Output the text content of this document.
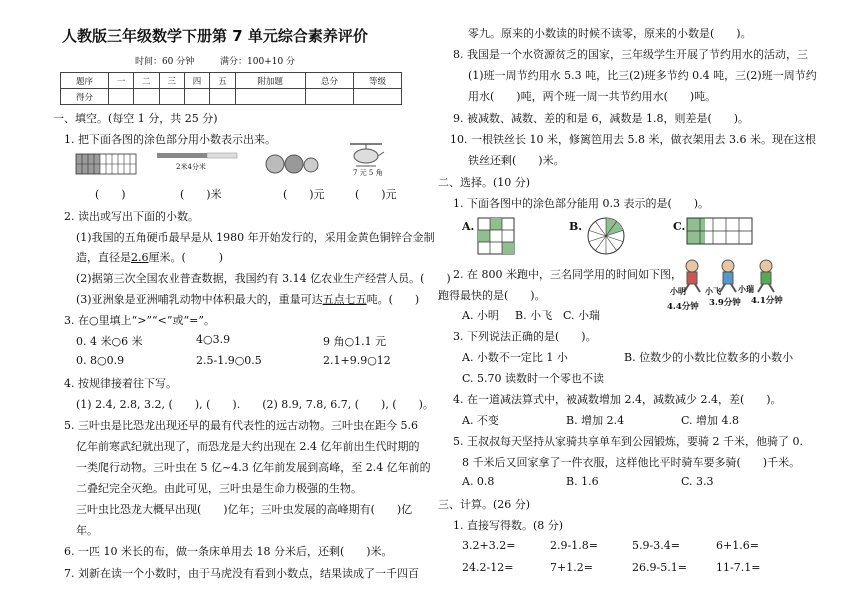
人教版三年级数学下册第 7 单元综合素养评价
时间：60 分钟	满分：100+10 分
题序	一	二	三	四	五	附加题	总分	等级
得分								
一、填空。(每空 1 分，共 25 分)
1. 把下面各图的涂色部分用小数表示出来。
2米4分米
7 元 5 角
(　　)	(　　)米	(　　)元	(　　)元
2. 读出或写出下面的小数。
(1)我国的五角硬币最早是从 1980 年开始发行的，采用金黄色铜锌合金制
造，直径是2.6厘米。(　　　)
(2)据第三次全国农业普查数据，我国约有 3.14 亿农业生产经营人员。(　　)
(3)亚洲象是亚洲哺乳动物中体积最大的，重量可达五点七五吨。(　　)
3. 在○里填上“>”“<”或“=”。
0. 4 米○6 米	4○3.9	9 角○1.1 元
0. 8○0.9	2.5-1.9○0.5	2.1+9.9○12
4. 按规律接着往下写。
(1) 2.4, 2.8, 3.2, (　　), (　　).　　(2) 8.9, 7.8, 6.7, (　　), (　　)。
5. 三叶虫是比恐龙出现还早的最有代表性的远古动物。三叶虫在距今 5.6
亿年前寒武纪就出现了，而恐龙是大约出现在 2.4 亿年前出生代时期的
一类爬行动物。三叶虫在 5 亿~4.3 亿年前发展到高峰，至 2.4 亿年前的
二叠纪完全灭绝。由此可见，三叶虫是生命力极强的生物。
三叶虫比恐龙大概早出现(　　)亿年；三叶虫发展的高峰期有(　　)亿
年。
6. 一匹 10 米长的布，做一条床单用去 18 分米后，还剩(　　)米。
7. 刘新在读一个小数时，由于马虎没有看到小数点，结果读成了一千四百
零九。原来的小数读的时候不读零，原来的小数是(　　)。
8. 我国是一个水资源贫乏的国家，三年级学生开展了节约用水的活动，三
(1)班一周节约用水 5.3 吨，比三(2)班多节约 0.4 吨，三(2)班一周节约
用水(　　)吨，两个班一周一共节约用水(　　)吨。
9. 被减数、减数、差的和是 6，减数是 1.8，则差是(　　)。
10. 一根铁丝长 10 米，修篱笆用去 5.8 米，做衣架用去 3.6 米。现在这根
铁丝还剩(　　)米。
二、选择。(10 分)
1. 下面各图中的涂色部分能用 0.3 表示的是(　　)。
A.	B.	C.
2. 在 800 米跑中，三名同学用的时间如下图，
跑得最快的是(　　)。	小明 小飞 小瑞
4.4分钟 3.9分钟 4.1分钟
A. 小明 B. 小飞 C. 小瑞
3. 下列说法正确的是(　　)。
A. 小数不一定比 1 小	B. 位数少的小数比位数多的小数小
C. 5.70 读数时一个零也不读
4. 在一道减法算式中，被减数增加 2.4，减数减少 2.4，差(　　)。
A. 不变	B. 增加 2.4	C. 增加 4.8
5. 王叔叔每天坚持从家骑共享单车到公园锻炼，要骑 2 千米，他骑了 0.
8 千米后又回家拿了一件衣服，这样他比平时骑车要多骑(　　)千米。
A. 0.8	B. 1.6	C. 3.3
三、计算。(26 分)
1. 直接写得数。(8 分)
3.2+3.2=	2.9-1.8=	5.9-3.4=	6+1.6=
24.2-12=	7+1.2=	26.9-5.1=	11-7.1=
